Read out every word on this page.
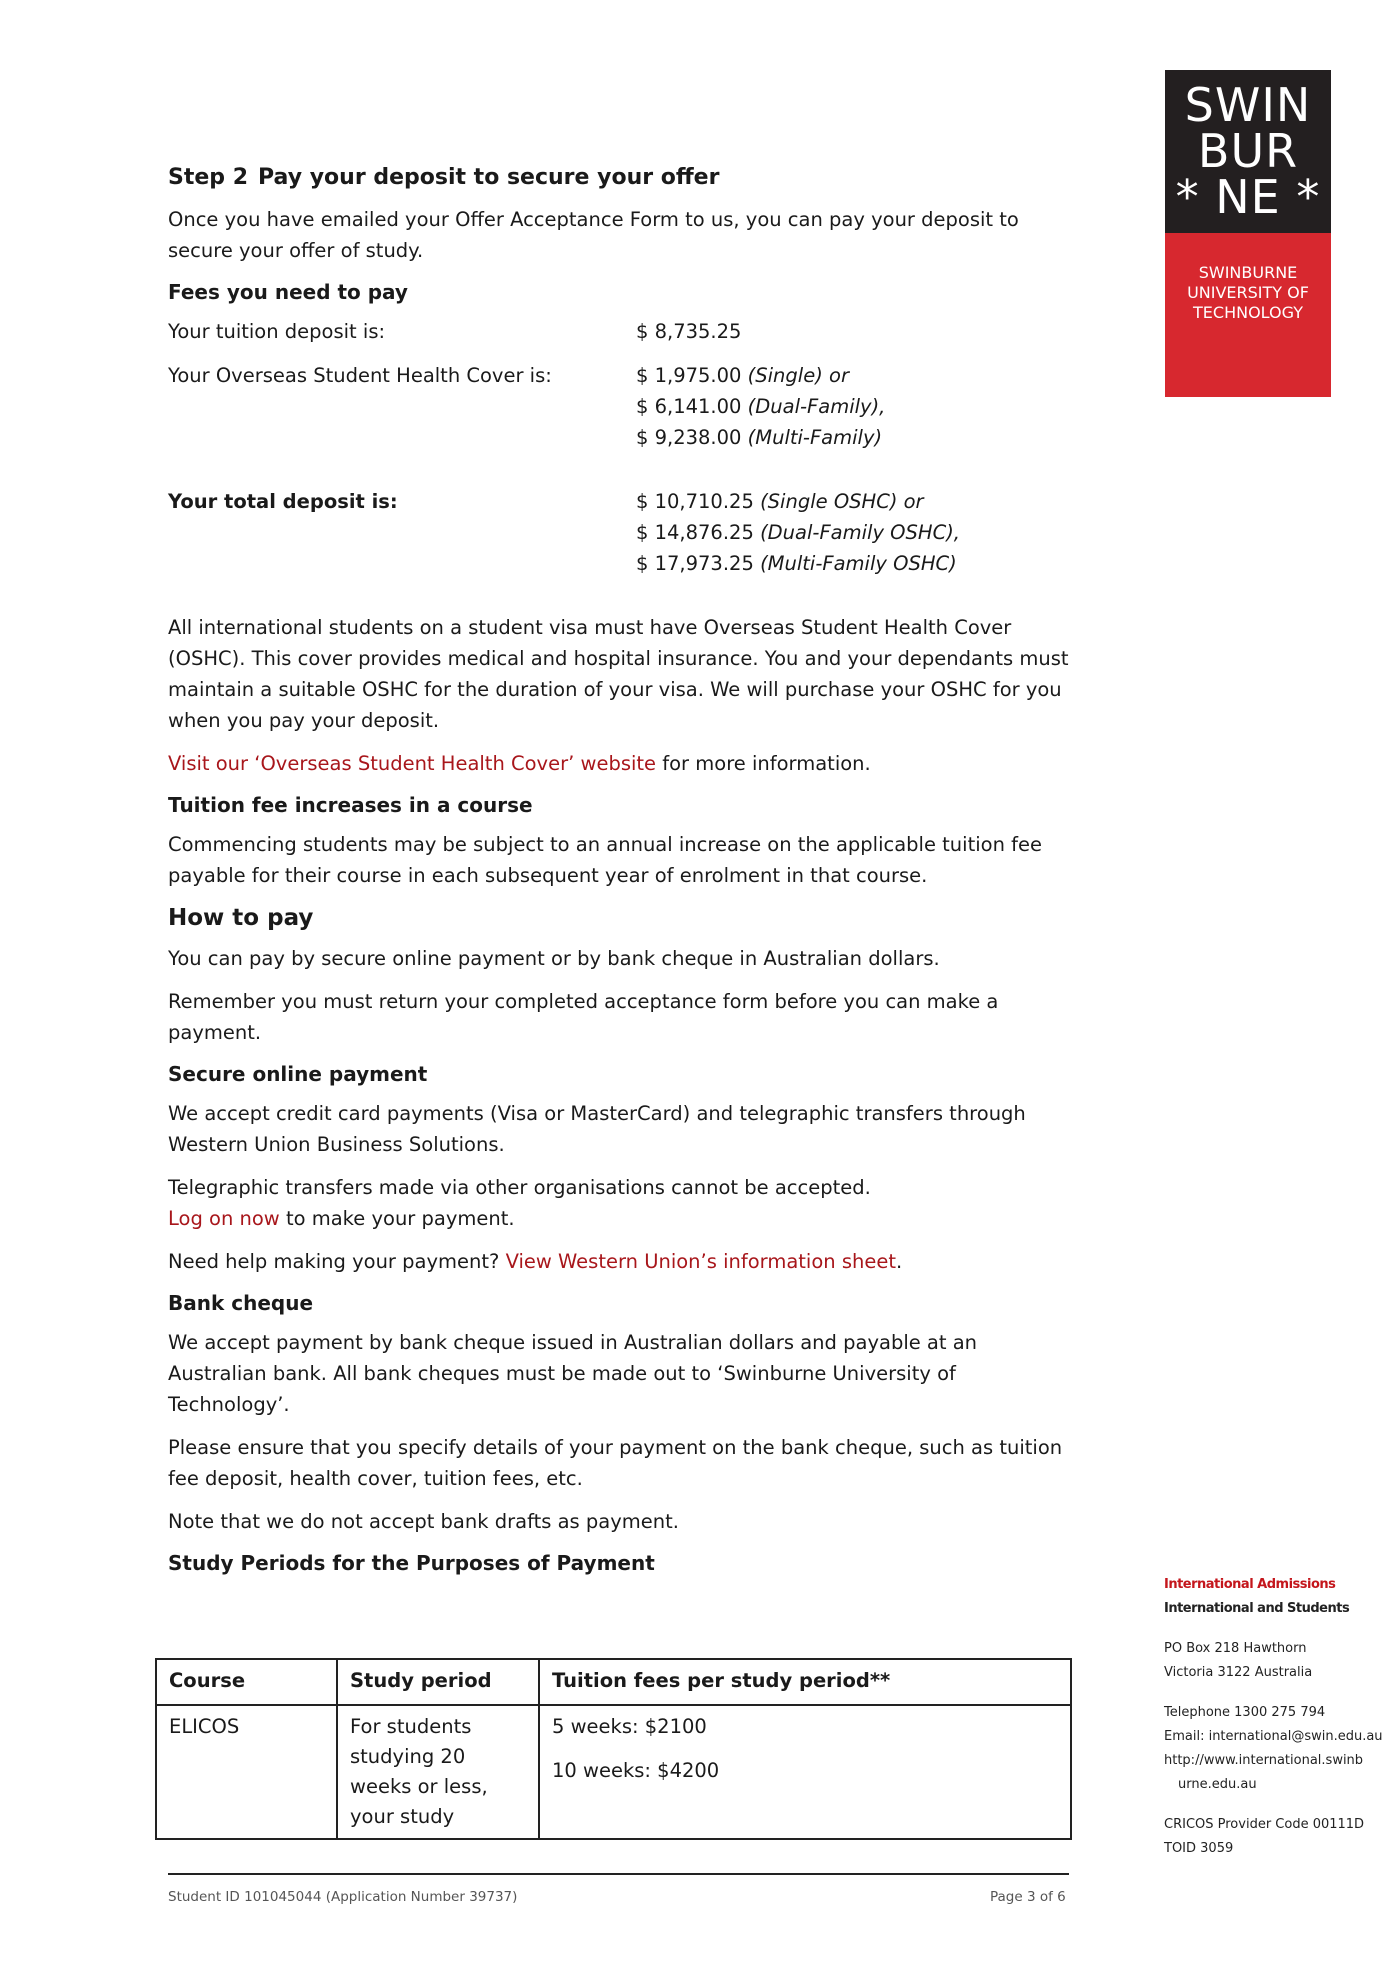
SWIN
BUR
* NE *
SWINBURNE
UNIVERSITY OF
TECHNOLOGY
Step 2 Pay your deposit to secure your offer

Once you have emailed your Offer Acceptance Form to us, you can pay your deposit to secure your offer of study.

Fees you need to pay
Your tuition deposit is:	$ 8,735.25
Your Overseas Student Health Cover is:	$ 1,975.00 (Single) or
$ 6,141.00 (Dual-Family),
$ 9,238.00 (Multi-Family)
Your total deposit is:	$ 10,710.25 (Single OSHC) or
$ 14,876.25 (Dual-Family OSHC),
$ 17,973.25 (Multi-Family OSHC)

All international students on a student visa must have Overseas Student Health Cover (OSHC). This cover provides medical and hospital insurance. You and your dependants must maintain a suitable OSHC for the duration of your visa. We will purchase your OSHC for you when you pay your deposit.

Visit our ‘Overseas Student Health Cover’ website for more information.

Tuition fee increases in a course

Commencing students may be subject to an annual increase on the applicable tuition fee payable for their course in each subsequent year of enrolment in that course.

How to pay

You can pay by secure online payment or by bank cheque in Australian dollars.

Remember you must return your completed acceptance form before you can make a payment.

Secure online payment

We accept credit card payments (Visa or MasterCard) and telegraphic transfers through Western Union Business Solutions.

Telegraphic transfers made via other organisations cannot be accepted.
Log on now to make your payment.

Need help making your payment? View Western Union’s information sheet.

Bank cheque

We accept payment by bank cheque issued in Australian dollars and payable at an Australian bank. All bank cheques must be made out to ‘Swinburne University of Technology’.

Please ensure that you specify details of your payment on the bank cheque, such as tuition fee deposit, health cover, tuition fees, etc.

Note that we do not accept bank drafts as payment.

Study Periods for the Purposes of Payment
Course	Study period	Tuition fees per study period**
ELICOS	For students studying 20 weeks or less, your study	5 weeks: $2100
10 weeks: $4200
Student ID 101045044 (Application Number 39737)	Page 3 of 6
International Admissions
International and Students
PO Box 218 Hawthorn
Victoria 3122 Australia
Telephone 1300 275 794
Email: international@swin.edu.au
http://www.international.swinb
urne.edu.au
CRICOS Provider Code 00111D
TOID 3059
